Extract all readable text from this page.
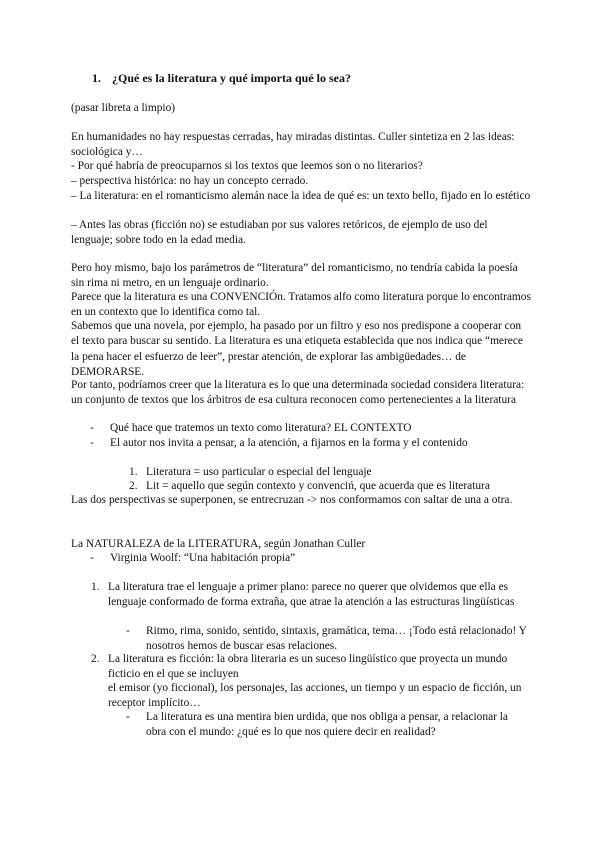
1. ¿Qué es la literatura y qué importa qué lo sea?

(pasar libreta a limpio)

En humanidades no hay respuestas cerradas, hay miradas distintas. Culler sintetiza en 2 las ideas: sociológica y…

- Por qué habría de preocuparnos si los textos que leemos son o no literarios?

– perspectiva histórica: no hay un concepto cerrado.

– La literatura: en el romanticismo alemán nace la idea de qué es: un texto bello, fijado en lo estético

– Antes las obras (ficción no) se estudiaban por sus valores retóricos, de ejemplo de uso del lenguaje; sobre todo en la edad media.

Pero hoy mismo, bajo los parámetros de “literatura” del romanticismo, no tendría cabida la poesía sin rima ni metro, en un lenguaje ordinario.

Parece que la literatura es una CONVENCIÓn. Tratamos alfo como literatura porque lo encontramos en un contexto que lo identifica como tal.

Sabemos que una novela, por ejemplo, ha pasado por un filtro y eso nos predispone a cooperar con el texto para buscar su sentido. La literatura es una etiqueta establecida que nos indica que “merece la pena hacer el esfuerzo de leer”, prestar atención, de explorar las ambigüedades… de DEMORARSE.

Por tanto, podríamos creer que la literatura es lo que una determinada sociedad considera literatura: un conjunto de textos que los árbitros de esa cultura reconocen como pertenecientes a la literatura

- Qué hace que tratemos un texto como literatura? EL CONTEXTO

- El autor nos invita a pensar, a la atención, a fijarnos en la forma y el contenido

1. Literatura = uso particular o especial del lenguaje

2. Lit = aquello que según contexto y convenciń, que acuerda que es literatura

Las dos perspectivas se superponen, se entrecruzan -> nos conformamos con saltar de una a otra.

La NATURALEZA de la LITERATURA, según Jonathan Culler

- Virginia Woolf: “Una habitación propia”

1. La literatura trae el lenguaje a primer plano: parece no querer que olvidemos que ella es lenguaje conformado de forma extraña, que atrae la atención a las estructuras lingüísticas

- Ritmo, rima, sonido, sentido, sintaxis, gramática, tema… ¡Todo está relacionado! Y nosotros hemos de buscar esas relaciones.

2. La literatura es ficción: la obra literaria es un suceso lingüístico que proyecta un mundo ficticio en el que se incluyen

el emisor (yo ficcional), los personajes, las acciones, un tiempo y un espacio de ficción, un receptor implícito…

- La literatura es una mentira bien urdida, que nos obliga a pensar, a relacionar la obra con el mundo: ¿qué es lo que nos quiere decir en realidad?
